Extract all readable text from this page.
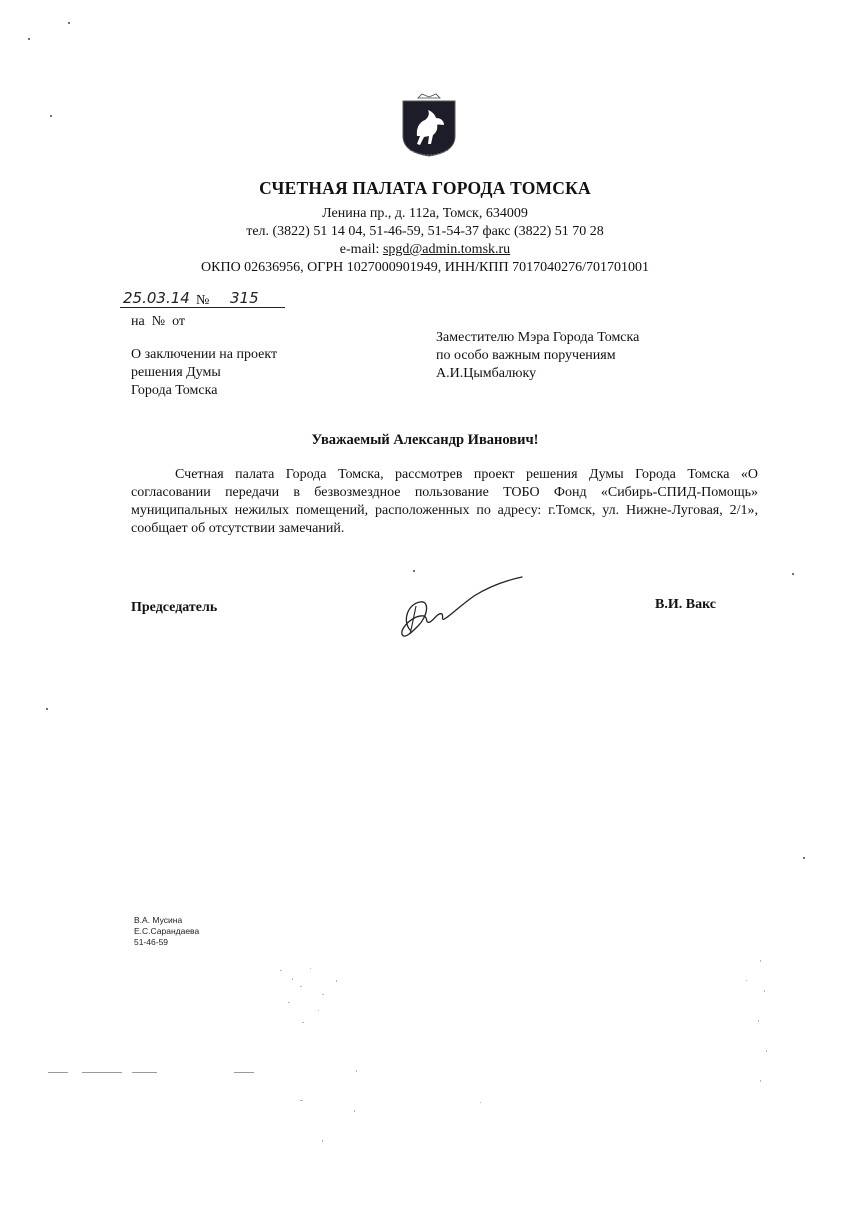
СЧЕТНАЯ ПАЛАТА ГОРОДА ТОМСКА
Ленина пр., д. 112а, Томск, 634009
тел. (3822) 51 14 04, 51-46-59, 51-54-37 факс (3822) 51 70 28
e-mail: spgd@admin.tomsk.ru
ОКПО 02636956, ОГРН 1027000901949, ИНН/КПП 7017040276/701701001
25.03.14 № 315
на  №  от
О заключении на проект
решения Думы
Города Томска
Заместителю Мэра Города Томска
по особо важным поручениям
А.И.Цымбалюку
Уважаемый Александр Иванович!
Счетная палата Города Томска, рассмотрев проект решения Думы Города Томска «О согласовании передачи в безвозмездное пользование ТОБО Фонд «Сибирь-СПИД-Помощь» муниципальных нежилых помещений, расположенных по адресу: г.Томск, ул. Нижне-Луговая, 2/1», сообщает об отсутствии замечаний.
Председатель	В.И. Вакс
В.А. Мусина
Е.С.Сарандаева
51-46-59
